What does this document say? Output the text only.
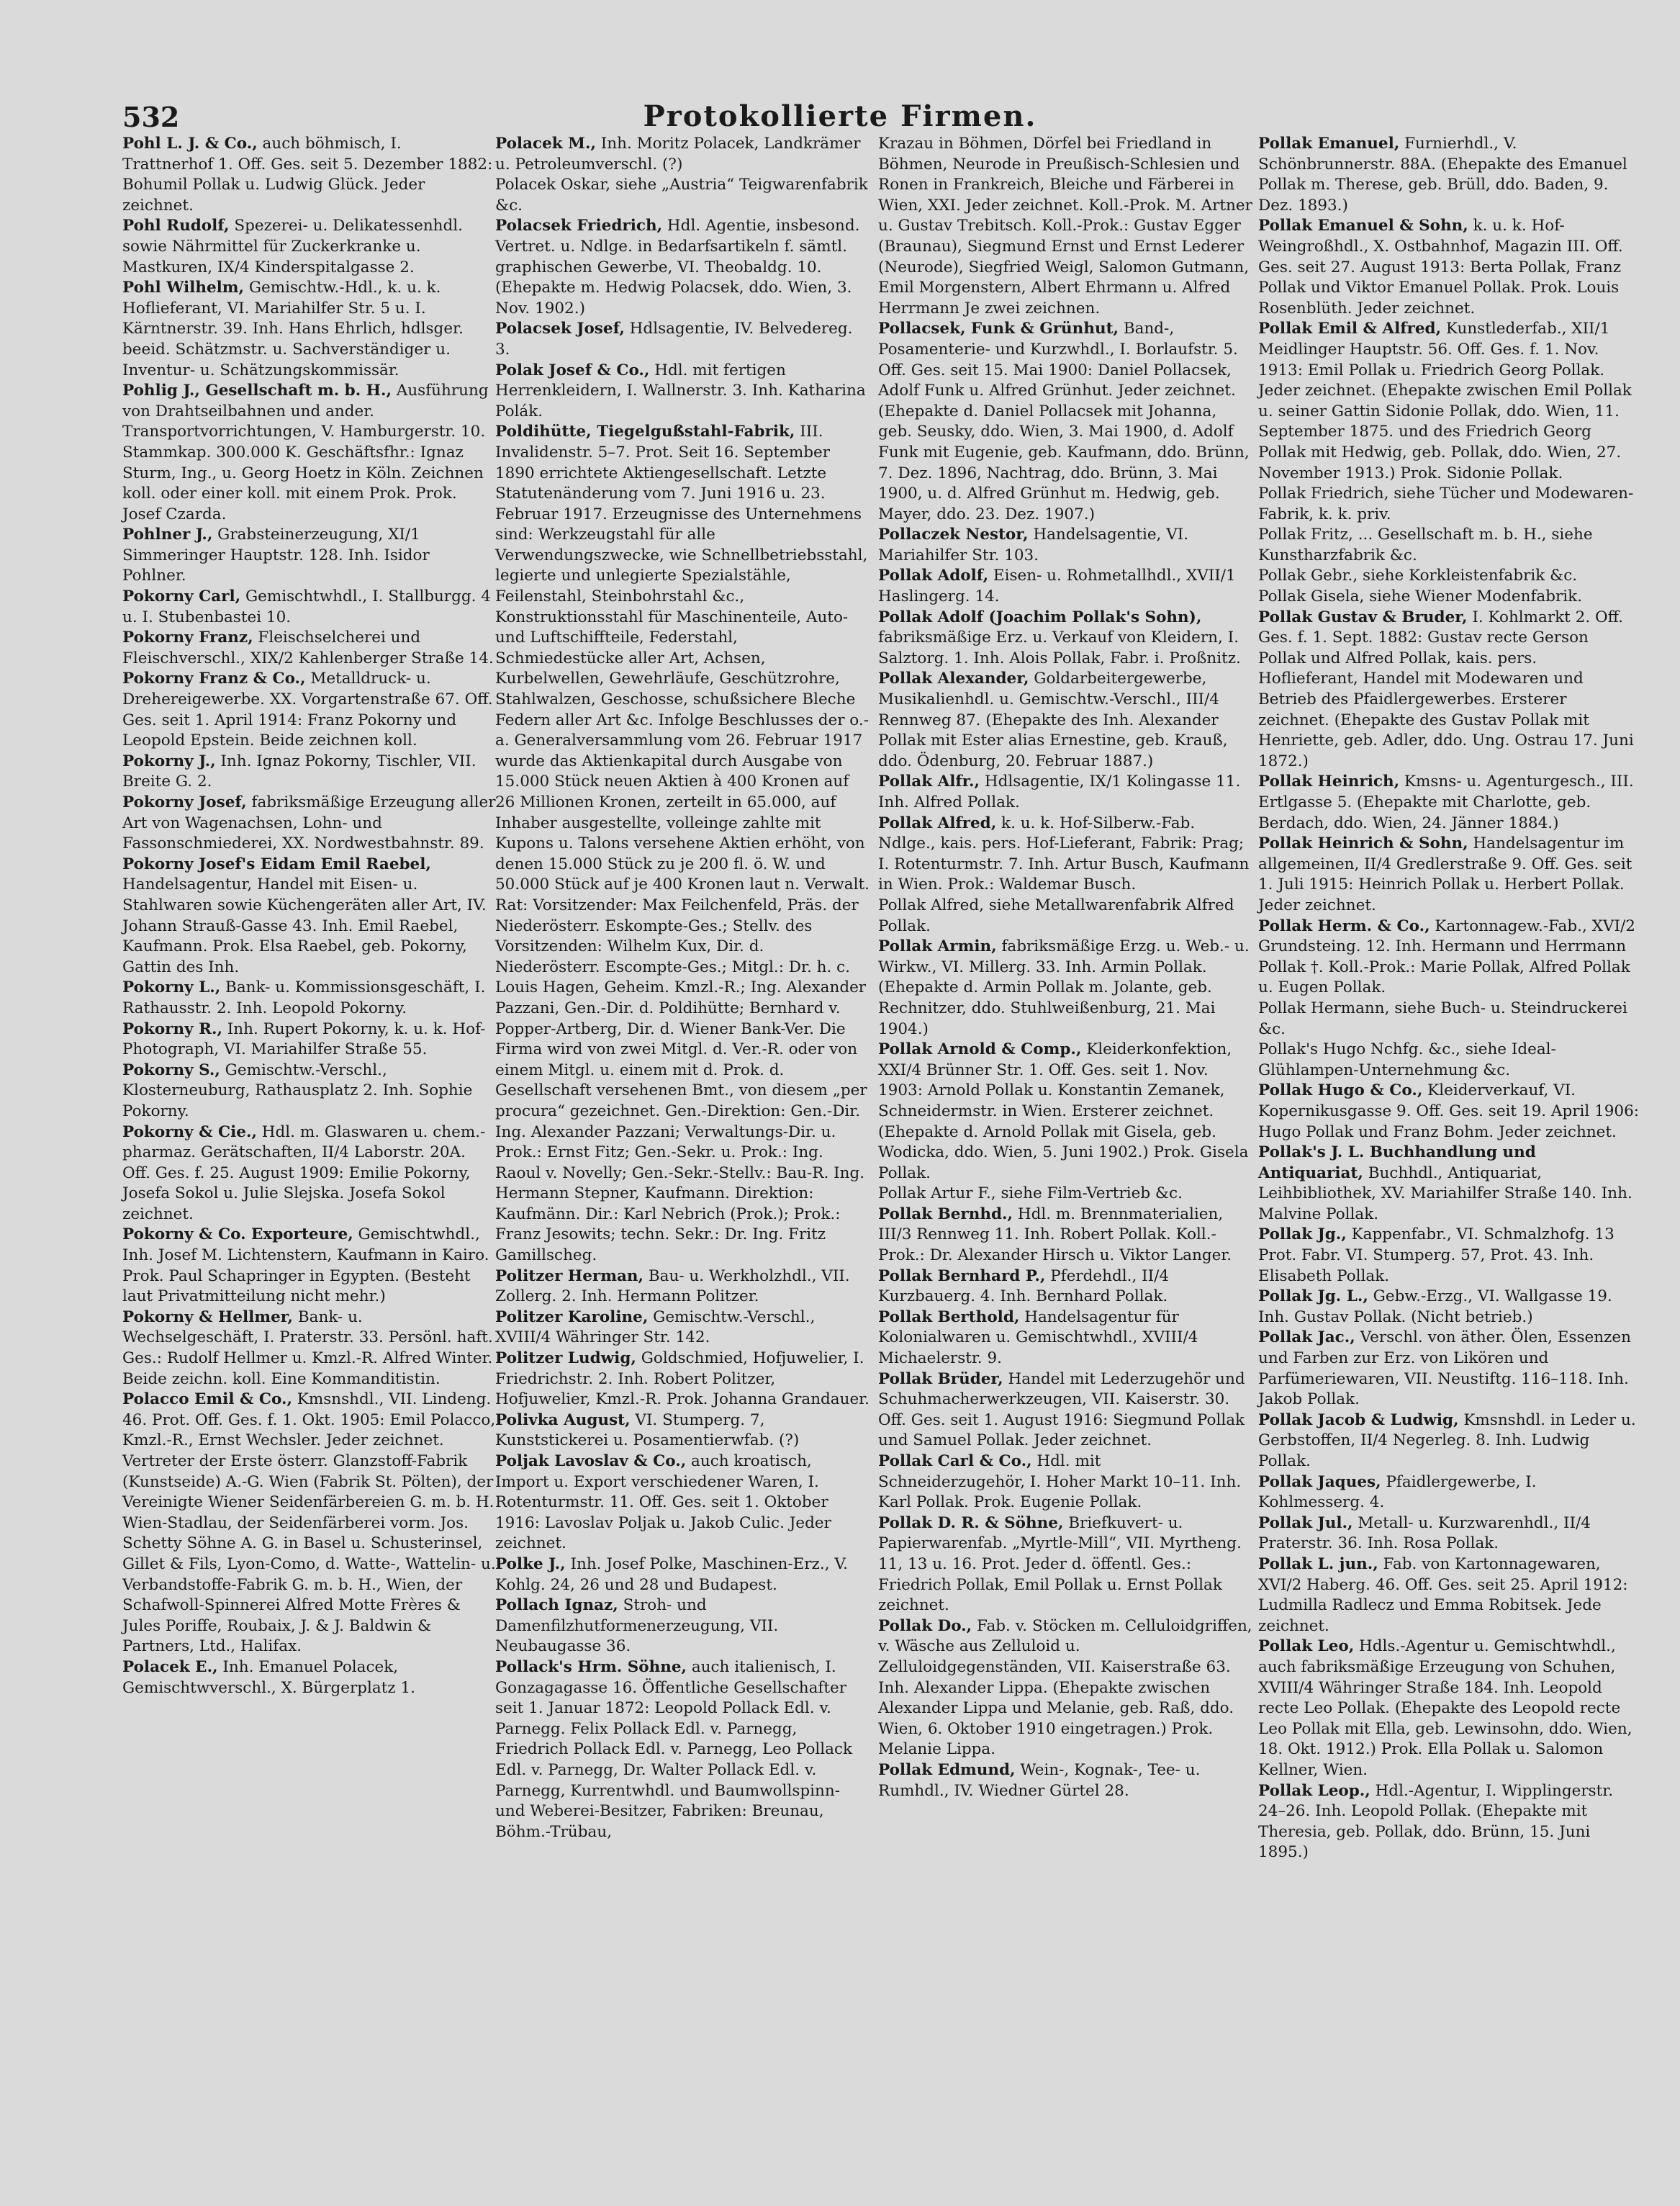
532	Protokollierte Firmen.
Pohl L. J. & Co., auch böhmisch, I. Trattnerhof 1. Off. Ges. seit 5. Dezember 1882: Bohumil Pollak u. Ludwig Glück. Jeder zeichnet.
Pohl Rudolf, Spezerei- u. Delikatessenhdl. sowie Nährmittel für Zuckerkranke u. Mastkuren, IX/4 Kinderspitalgasse 2.
Pohl Wilhelm, Gemischtw.-Hdl., k. u. k. Hoflieferant, VI. Mariahilfer Str. 5 u. I. Kärntnerstr. 39. Inh. Hans Ehrlich, hdlsger. beeid. Schätzmstr. u. Sachverständiger u. Inventur- u. Schätzungskommissär.
Pohlig J., Gesellschaft m. b. H., Ausführung von Drahtseilbahnen und ander. Transportvorrichtungen, V. Hamburgerstr. 10. Stammkap. 300.000 K. Geschäftsfhr.: Ignaz Sturm, Ing., u. Georg Hoetz in Köln. Zeichnen koll. oder einer koll. mit einem Prok. Prok. Josef Czarda.
Pohlner J., Grabsteinerzeugung, XI/1 Simmeringer Hauptstr. 128. Inh. Isidor Pohlner.
Pokorny Carl, Gemischtwhdl., I. Stallburgg. 4 u. I. Stubenbastei 10.
Pokorny Franz, Fleischselcherei und Fleischverschl., XIX/2 Kahlenberger Straße 14.
Pokorny Franz & Co., Metalldruck- u. Drehereigewerbe. XX. Vorgartenstraße 67. Off. Ges. seit 1. April 1914: Franz Pokorny und Leopold Epstein. Beide zeichnen koll.
Pokorny J., Inh. Ignaz Pokorny, Tischler, VII. Breite G. 2.
Pokorny Josef, fabriksmäßige Erzeugung aller Art von Wagenachsen, Lohn- und Fassonschmiederei, XX. Nordwestbahnstr. 89.
Pokorny Josef's Eidam Emil Raebel, Handelsagentur, Handel mit Eisen- u. Stahlwaren sowie Küchengeräten aller Art, IV. Johann Strauß-Gasse 43. Inh. Emil Raebel, Kaufmann. Prok. Elsa Raebel, geb. Pokorny, Gattin des Inh.
Pokorny L., Bank- u. Kommissionsgeschäft, I. Rathausstr. 2. Inh. Leopold Pokorny.
Pokorny R., Inh. Rupert Pokorny, k. u. k. Hof-Photograph, VI. Mariahilfer Straße 55.
Pokorny S., Gemischtw.-Verschl., Klosterneuburg, Rathausplatz 2. Inh. Sophie Pokorny.
Pokorny & Cie., Hdl. m. Glaswaren u. chem.-pharmaz. Gerätschaften, II/4 Laborstr. 20A. Off. Ges. f. 25. August 1909: Emilie Pokorny, Josefa Sokol u. Julie Slejska. Josefa Sokol zeichnet.
Pokorny & Co. Exporteure, Gemischtwhdl., Inh. Josef M. Lichtenstern, Kaufmann in Kairo. Prok. Paul Schapringer in Egypten. (Besteht laut Privatmitteilung nicht mehr.)
Pokorny & Hellmer, Bank- u. Wechselgeschäft, I. Praterstr. 33. Persönl. haft. Ges.: Rudolf Hellmer u. Kmzl.-R. Alfred Winter. Beide zeichn. koll. Eine Kommanditistin.
Polacco Emil & Co., Kmsnshdl., VII. Lindeng. 46. Prot. Off. Ges. f. 1. Okt. 1905: Emil Polacco, Kmzl.-R., Ernst Wechsler. Jeder zeichnet. Vertreter der Erste österr. Glanzstoff-Fabrik (Kunstseide) A.-G. Wien (Fabrik St. Pölten), der Vereinigte Wiener Seidenfärbereien G. m. b. H. Wien-Stadlau, der Seidenfärberei vorm. Jos. Schetty Söhne A. G. in Basel u. Schusterinsel, Gillet & Fils, Lyon-Como, d. Watte-, Wattelin- u. Verbandstoffe-Fabrik G. m. b. H., Wien, der Schafwoll-Spinnerei Alfred Motte Frères & Jules Poriffe, Roubaix, J. & J. Baldwin & Partners, Ltd., Halifax.
Polacek E., Inh. Emanuel Polacek, Gemischtwverschl., X. Bürgerplatz 1.
Polacek M., Inh. Moritz Polacek, Landkrämer u. Petroleumverschl. (?)
Polacek Oskar, siehe „Austria“ Teigwarenfabrik &c.
Polacsek Friedrich, Hdl. Agentie, insbesond. Vertret. u. Ndlge. in Bedarfsartikeln f. sämtl. graphischen Gewerbe, VI. Theobaldg. 10. (Ehepakte m. Hedwig Polacsek, ddo. Wien, 3. Nov. 1902.)
Polacsek Josef, Hdlsagentie, IV. Belvedereg. 3.
Polak Josef & Co., Hdl. mit fertigen Herrenkleidern, I. Wallnerstr. 3. Inh. Katharina Polák.
Poldihütte, Tiegelgußstahl-Fabrik, III. Invalidenstr. 5–7. Prot. Seit 16. September 1890 errichtete Aktiengesellschaft. Letzte Statutenänderung vom 7. Juni 1916 u. 23. Februar 1917. Erzeugnisse des Unternehmens sind: Werkzeugstahl für alle Verwendungszwecke, wie Schnellbetriebsstahl, legierte und unlegierte Spezialstähle, Feilenstahl, Steinbohrstahl &c., Konstruktionsstahl für Maschinenteile, Auto- und Luftschiffteile, Federstahl, Schmiedestücke aller Art, Achsen, Kurbelwellen, Gewehrläufe, Geschützrohre, Stahlwalzen, Geschosse, schußsichere Bleche Federn aller Art &c. Infolge Beschlusses der o.-a. Generalversammlung vom 26. Februar 1917 wurde das Aktienkapital durch Ausgabe von 15.000 Stück neuen Aktien à 400 Kronen auf 26 Millionen Kronen, zerteilt in 65.000, auf Inhaber ausgestellte, volleinge zahlte mit Kupons u. Talons versehene Aktien erhöht, von denen 15.000 Stück zu je 200 fl. ö. W. und 50.000 Stück auf je 400 Kronen laut n. Verwalt. Rat: Vorsitzender: Max Feilchenfeld, Präs. der Niederösterr. Eskompte-Ges.; Stellv. des Vorsitzenden: Wilhelm Kux, Dir. d. Niederösterr. Escompte-Ges.; Mitgl.: Dr. h. c. Louis Hagen, Geheim. Kmzl.-R.; Ing. Alexander Pazzani, Gen.-Dir. d. Poldihütte; Bernhard v. Popper-Artberg, Dir. d. Wiener Bank-Ver. Die Firma wird von zwei Mitgl. d. Ver.-R. oder von einem Mitgl. u. einem mit d. Prok. d. Gesellschaft versehenen Bmt., von diesem „per procura“ gezeichnet. Gen.-Direktion: Gen.-Dir. Ing. Alexander Pazzani; Verwaltungs-Dir. u. Prok.: Ernst Fitz; Gen.-Sekr. u. Prok.: Ing. Raoul v. Novelly; Gen.-Sekr.-Stellv.: Bau-R. Ing. Hermann Stepner, Kaufmann. Direktion: Kaufmänn. Dir.: Karl Nebrich (Prok.); Prok.: Franz Jesowits; techn. Sekr.: Dr. Ing. Fritz Gamillscheg.
Politzer Herman, Bau- u. Werkholzhdl., VII. Zollerg. 2. Inh. Hermann Politzer.
Politzer Karoline, Gemischtw.-Verschl., XVIII/4 Währinger Str. 142.
Politzer Ludwig, Goldschmied, Hofjuwelier, I. Friedrichstr. 2. Inh. Robert Politzer, Hofjuwelier, Kmzl.-R. Prok. Johanna Grandauer.
Polivka August, VI. Stumperg. 7, Kunststickerei u. Posamentierwfab. (?)
Poljak Lavoslav & Co., auch kroatisch, Import u. Export verschiedener Waren, I. Rotenturmstr. 11. Off. Ges. seit 1. Oktober 1916: Lavoslav Poljak u. Jakob Culic. Jeder zeichnet.
Polke J., Inh. Josef Polke, Maschinen-Erz., V. Kohlg. 24, 26 und 28 und Budapest.
Pollach Ignaz, Stroh- und Damenfilzhutformenerzeugung, VII. Neubaugasse 36.
Pollack's Hrm. Söhne, auch italienisch, I. Gonzagagasse 16. Öffentliche Gesellschafter seit 1. Januar 1872: Leopold Pollack Edl. v. Parnegg. Felix Pollack Edl. v. Parnegg, Friedrich Pollack Edl. v. Parnegg, Leo Pollack Edl. v. Parnegg, Dr. Walter Pollack Edl. v. Parnegg, Kurrentwhdl. und Baumwollspinn- und Weberei-Besitzer, Fabriken: Breunau, Böhm.-Trübau,
Krazau in Böhmen, Dörfel bei Friedland in Böhmen, Neurode in Preußisch-Schlesien und Ronen in Frankreich, Bleiche und Färberei in Wien, XXI. Jeder zeichnet. Koll.-Prok. M. Artner u. Gustav Trebitsch. Koll.-Prok.: Gustav Egger (Braunau), Siegmund Ernst und Ernst Lederer (Neurode), Siegfried Weigl, Salomon Gutmann, Emil Morgenstern, Albert Ehrmann u. Alfred Herrmann Je zwei zeichnen.
Pollacsek, Funk & Grünhut, Band-, Posamenterie- und Kurzwhdl., I. Borlaufstr. 5. Off. Ges. seit 15. Mai 1900: Daniel Pollacsek, Adolf Funk u. Alfred Grünhut. Jeder zeichnet. (Ehepakte d. Daniel Pollacsek mit Johanna, geb. Seusky, ddo. Wien, 3. Mai 1900, d. Adolf Funk mit Eugenie, geb. Kaufmann, ddo. Brünn, 7. Dez. 1896, Nachtrag, ddo. Brünn, 3. Mai 1900, u. d. Alfred Grünhut m. Hedwig, geb. Mayer, ddo. 23. Dez. 1907.)
Pollaczek Nestor, Handelsagentie, VI. Mariahilfer Str. 103.
Pollak Adolf, Eisen- u. Rohmetallhdl., XVII/1 Haslingerg. 14.
Pollak Adolf (Joachim Pollak's Sohn), fabriksmäßige Erz. u. Verkauf von Kleidern, I. Salztorg. 1. Inh. Alois Pollak, Fabr. i. Proßnitz.
Pollak Alexander, Goldarbeitergewerbe, Musikalienhdl. u. Gemischtw.-Verschl., III/4 Rennweg 87. (Ehepakte des Inh. Alexander Pollak mit Ester alias Ernestine, geb. Krauß, ddo. Ödenburg, 20. Februar 1887.)
Pollak Alfr., Hdlsagentie, IX/1 Kolingasse 11. Inh. Alfred Pollak.
Pollak Alfred, k. u. k. Hof-Silberw.-Fab. Ndlge., kais. pers. Hof-Lieferant, Fabrik: Prag; I. Rotenturmstr. 7. Inh. Artur Busch, Kaufmann in Wien. Prok.: Waldemar Busch.
Pollak Alfred, siehe Metallwarenfabrik Alfred Pollak.
Pollak Armin, fabriksmäßige Erzg. u. Web.- u. Wirkw., VI. Millerg. 33. Inh. Armin Pollak. (Ehepakte d. Armin Pollak m. Jolante, geb. Rechnitzer, ddo. Stuhlweißenburg, 21. Mai 1904.)
Pollak Arnold & Comp., Kleiderkonfektion, XXI/4 Brünner Str. 1. Off. Ges. seit 1. Nov. 1903: Arnold Pollak u. Konstantin Zemanek, Schneidermstr. in Wien. Ersterer zeichnet. (Ehepakte d. Arnold Pollak mit Gisela, geb. Wodicka, ddo. Wien, 5. Juni 1902.) Prok. Gisela Pollak.
Pollak Artur F., siehe Film-Vertrieb &c.
Pollak Bernhd., Hdl. m. Brennmaterialien, III/3 Rennweg 11. Inh. Robert Pollak. Koll.-Prok.: Dr. Alexander Hirsch u. Viktor Langer.
Pollak Bernhard P., Pferdehdl., II/4 Kurzbauerg. 4. Inh. Bernhard Pollak.
Pollak Berthold, Handelsagentur für Kolonialwaren u. Gemischtwhdl., XVIII/4 Michaelerstr. 9.
Pollak Brüder, Handel mit Lederzugehör und Schuhmacherwerkzeugen, VII. Kaiserstr. 30. Off. Ges. seit 1. August 1916: Siegmund Pollak und Samuel Pollak. Jeder zeichnet.
Pollak Carl & Co., Hdl. mit Schneiderzugehör, I. Hoher Markt 10–11. Inh. Karl Pollak. Prok. Eugenie Pollak.
Pollak D. R. & Söhne, Briefkuvert- u. Papierwarenfab. „Myrtle-Mill“, VII. Myrtheng. 11, 13 u. 16. Prot. Jeder d. öffentl. Ges.: Friedrich Pollak, Emil Pollak u. Ernst Pollak zeichnet.
Pollak Do., Fab. v. Stöcken m. Celluloidgriffen, v. Wäsche aus Zelluloid u. Zelluloidgegenständen, VII. Kaiserstraße 63. Inh. Alexander Lippa. (Ehepakte zwischen Alexander Lippa und Melanie, geb. Raß, ddo. Wien, 6. Oktober 1910 eingetragen.) Prok. Melanie Lippa.
Pollak Edmund, Wein-, Kognak-, Tee- u. Rumhdl., IV. Wiedner Gürtel 28.
Pollak Emanuel, Furnierhdl., V. Schönbrunnerstr. 88A. (Ehepakte des Emanuel Pollak m. Therese, geb. Brüll, ddo. Baden, 9. Dez. 1893.)
Pollak Emanuel & Sohn, k. u. k. Hof-Weingroßhdl., X. Ostbahnhof, Magazin III. Off. Ges. seit 27. August 1913: Berta Pollak, Franz Pollak und Viktor Emanuel Pollak. Prok. Louis Rosenblüth. Jeder zeichnet.
Pollak Emil & Alfred, Kunstlederfab., XII/1 Meidlinger Hauptstr. 56. Off. Ges. f. 1. Nov. 1913: Emil Pollak u. Friedrich Georg Pollak. Jeder zeichnet. (Ehepakte zwischen Emil Pollak u. seiner Gattin Sidonie Pollak, ddo. Wien, 11. September 1875. und des Friedrich Georg Pollak mit Hedwig, geb. Pollak, ddo. Wien, 27. November 1913.) Prok. Sidonie Pollak.
Pollak Friedrich, siehe Tücher und Modewaren-Fabrik, k. k. priv.
Pollak Fritz, ... Gesellschaft m. b. H., siehe Kunstharzfabrik &c.
Pollak Gebr., siehe Korkleistenfabrik &c.
Pollak Gisela, siehe Wiener Modenfabrik.
Pollak Gustav & Bruder, I. Kohlmarkt 2. Off. Ges. f. 1. Sept. 1882: Gustav recte Gerson Pollak und Alfred Pollak, kais. pers. Hoflieferant, Handel mit Modewaren und Betrieb des Pfaidlergewerbes. Ersterer zeichnet. (Ehepakte des Gustav Pollak mit Henriette, geb. Adler, ddo. Ung. Ostrau 17. Juni 1872.)
Pollak Heinrich, Kmsns- u. Agenturgesch., III. Ertlgasse 5. (Ehepakte mit Charlotte, geb. Berdach, ddo. Wien, 24. Jänner 1884.)
Pollak Heinrich & Sohn, Handelsagentur im allgemeinen, II/4 Gredlerstraße 9. Off. Ges. seit 1. Juli 1915: Heinrich Pollak u. Herbert Pollak. Jeder zeichnet.
Pollak Herm. & Co., Kartonnagew.-Fab., XVI/2 Grundsteing. 12. Inh. Hermann und Herrmann Pollak †. Koll.-Prok.: Marie Pollak, Alfred Pollak u. Eugen Pollak.
Pollak Hermann, siehe Buch- u. Steindruckerei &c.
Pollak's Hugo Nchfg. &c., siehe Ideal-Glühlampen-Unternehmung &c.
Pollak Hugo & Co., Kleiderverkauf, VI. Kopernikusgasse 9. Off. Ges. seit 19. April 1906: Hugo Pollak und Franz Bohm. Jeder zeichnet.
Pollak's J. L. Buchhandlung und Antiquariat, Buchhdl., Antiquariat, Leihbibliothek, XV. Mariahilfer Straße 140. Inh. Malvine Pollak.
Pollak Jg., Kappenfabr., VI. Schmalzhofg. 13 Prot. Fabr. VI. Stumperg. 57, Prot. 43. Inh. Elisabeth Pollak.
Pollak Jg. L., Gebw.-Erzg., VI. Wallgasse 19. Inh. Gustav Pollak. (Nicht betrieb.)
Pollak Jac., Verschl. von äther. Ölen, Essenzen und Farben zur Erz. von Likören und Parfümeriewaren, VII. Neustiftg. 116–118. Inh. Jakob Pollak.
Pollak Jacob & Ludwig, Kmsnshdl. in Leder u. Gerbstoffen, II/4 Negerleg. 8. Inh. Ludwig Pollak.
Pollak Jaques, Pfaidlergewerbe, I. Kohlmesserg. 4.
Pollak Jul., Metall- u. Kurzwarenhdl., II/4 Praterstr. 36. Inh. Rosa Pollak.
Pollak L. jun., Fab. von Kartonnagewaren, XVI/2 Haberg. 46. Off. Ges. seit 25. April 1912: Ludmilla Radlecz und Emma Robitsek. Jede zeichnet.
Pollak Leo, Hdls.-Agentur u. Gemischtwhdl., auch fabriksmäßige Erzeugung von Schuhen, XVIII/4 Währinger Straße 184. Inh. Leopold recte Leo Pollak. (Ehepakte des Leopold recte Leo Pollak mit Ella, geb. Lewinsohn, ddo. Wien, 18. Okt. 1912.) Prok. Ella Pollak u. Salomon Kellner, Wien.
Pollak Leop., Hdl.-Agentur, I. Wipplingerstr. 24–26. Inh. Leopold Pollak. (Ehepakte mit Theresia, geb. Pollak, ddo. Brünn, 15. Juni 1895.)
